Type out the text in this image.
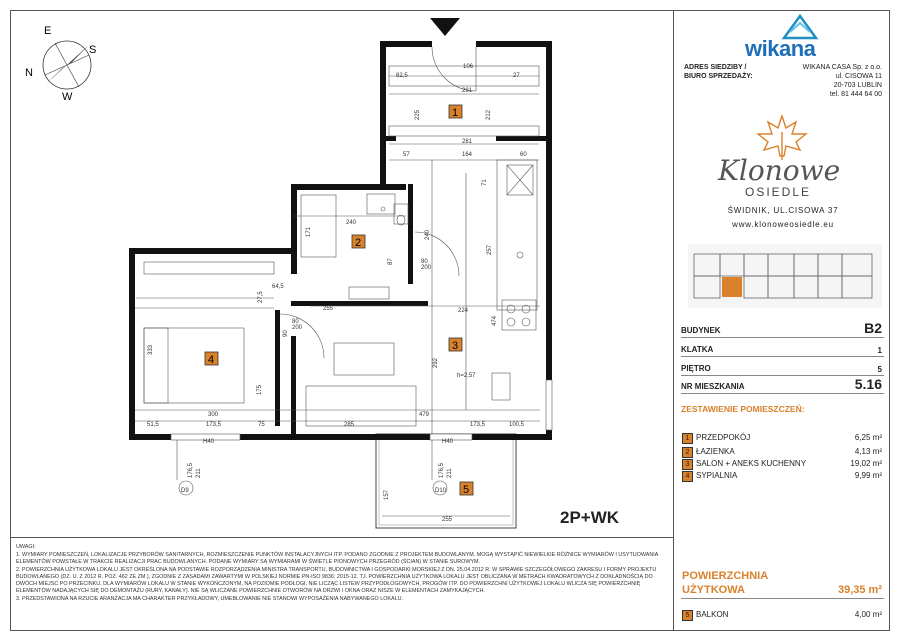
E
S
N
W
1
2
3
4
5
106
82,5	27
281
225	212
281
57	164	60
71
240
171
87
240
80
200
257
224
27,5
255
474
80
200
90
333
175
292
h=2,57
300	479
51,5	173,5	75	285	173,5	100,5
H40	H40
176,5 211	176,5 211
D9	D10
157
255
64,5
2P+WK
wikana
ADRES SIEDZIBY /
BIURO SPRZEDAŻY:
WIKANA CASA Sp. z o.o.
ul. CISOWA 11
20-703 LUBLIN
tel. 81 444 64 00
Klonowe
OSIEDLE
ŚWIDNIK, UL.CISOWA 37
www.klonoweosiedle.eu
BUDYNEK	B2
KLATKA	1
PIĘTRO	5
NR MIESZKANIA	5.16
ZESTAWIENIE POMIESZCZEŃ:
1 PRZEDPOKÓJ	6,25 m²
2 ŁAZIENKA	4,13 m²
3 SALON + ANEKS KUCHENNY	19,02 m²
4 SYPIALNIA	9,99 m²
POWIERZCHNIA
UŻYTKOWA	39,35 m²
5 BALKON	4,00 m²

UWAGI:

1. WYMIARY POMIESZCZEŃ, LOKALIZACJE PRZYBORÓW SANITARNYCH, ROZMIESZCZENIE PUNKTÓW INSTALACYJNYCH ITP. PODANO ZGODNIE Z PROJEKTEM BUDOWLANYM. MOGĄ WYSTĄPIĆ NIEWIELKIE RÓŻNICE WYMIARÓW I USYTUOWANIA ELEMENTÓW POWSTAŁE W TRAKCIE REALIZACJI PRAC BUDOWLANYCH. PODANE WYMIARY SĄ WYMIARAMI W ŚWIETLE PIONOWYCH PRZEGRÓD (ŚCIAN) W STANIE SUROWYM.

2. POWIERZCHNIA UŻYTKOWA LOKALU JEST OKREŚLONA NA PODSTAWIE ROZPORZĄDZENIA MINISTRA TRANSPORTU, BUDOWNICTWA I GOSPODARKI MORSKIEJ Z DN. 25.04.2012 R. W SPRAWIE SZCZEGÓŁOWEGO ZAKRESU I FORMY PROJEKTU BUDOWLANEGO (DZ. U. Z 2012 R. POZ. 462 ZE ZM.), ZGODNIE Z ZASADAMI ZAWARTYMI W POLSKIEJ NORMIE PN-ISO 9836: 2015-12. TJ. POWIERZCHNIA UŻYTKOWA LOKALU JEST OBLICZANA W METRACH KWADRATOWYCH Z DOKŁADNOŚCIĄ DO DWÓCH MIEJSC PO PRZECINKU, DLA WYMIARÓW LOKALU W STANIE WYKOŃCZONYM, NA POZIOMIE PODŁOGI, NIE LICZĄC LISTEW PRZYPODŁOGOWYCH, PROGÓW ITP. DO POWIERZCHNI UŻYTKOWEJ LOKALU WLICZA SIĘ POWIERZCHNIĘ ELEMENTÓW NADAJĄCYCH SIĘ DO DEMONTAŻU (RURY, KANAŁY). NIE SĄ WLICZANE POWIERZCHNIE OTWORÓW NA DRZWI I OKNA ORAZ NISZE W ELEMENTACH ZAMYKAJĄCYCH.

3. PRZEDSTAWIONA NA RZUCIE ARANŻACJA MA CHARAKTER PRZYKŁADOWY, UMEBLOWANIE NIE STANOWI WYPOSAŻENIA NABYWANEGO LOKALU.
